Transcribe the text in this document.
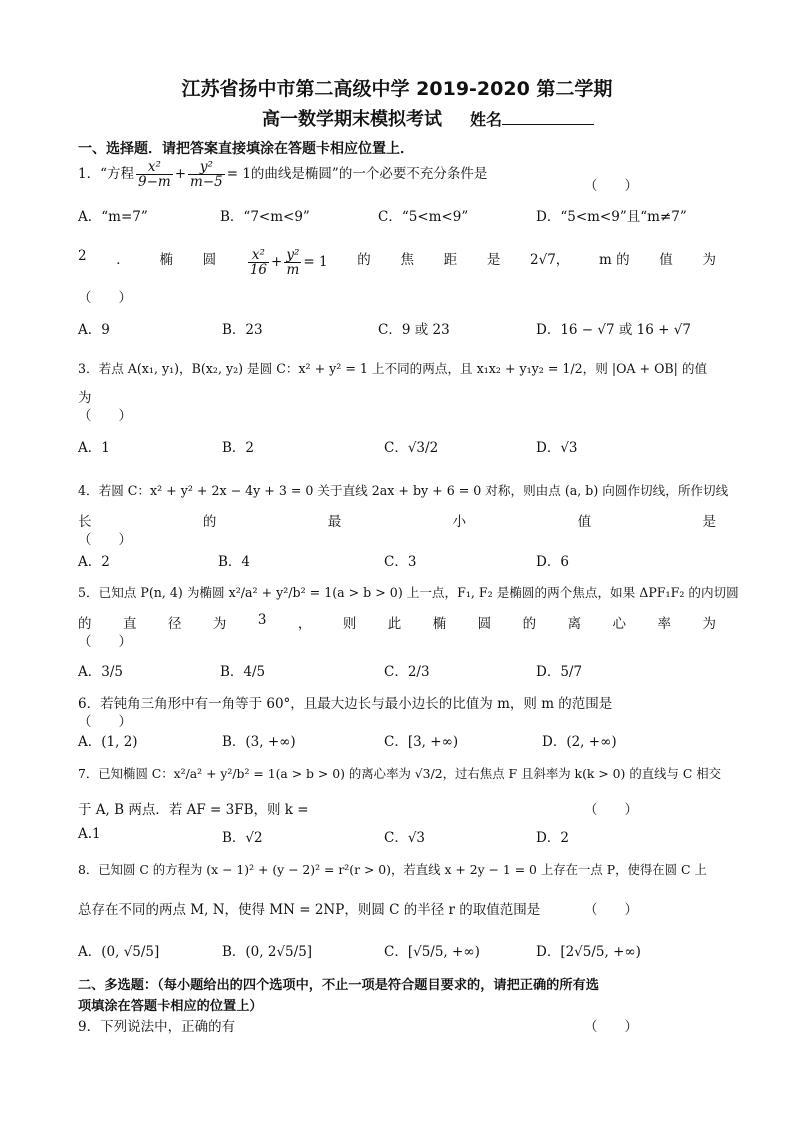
江苏省扬中市第二高级中学 2019-2020 第二学期
高一数学期末模拟考试 姓名
一、选择题．请把答案直接填涂在答题卡相应位置上．
1．“方程 $\frac{\text{x²}}{9-m} + \frac{\text{y²}}{m-5} = 1$的曲线是椭圆”的一个必要不充分条件是
（　　）
A．“m=7”	B．“7<m<9”	C．“5<m<9”	D．“5<m<9”且“m≠7”
2 ． 椭 圆 $\frac{\text{x²}}{16} + \frac{\text{y²}}{m} = 1$ 的 焦 距 是 2√7， m 的 值 为
（　　）
A．9	B．23	C．9 或 23	D．16 − √7 或 16 + √7
3．若点 A(x₁, y₁)，B(x₂, y₂) 是圆 C：x² + y² = 1 上不同的两点，且 x₁x₂ + y₁y₂ = 1/2，则 |OA + OB| 的值
为
（　　）
A．1	B．2	C．√3/2	D．√3
4．若圆 C：x² + y² + 2x − 4y + 3 = 0 关于直线 2ax + by + 6 = 0 对称，则由点 (a, b) 向圆作切线，所作切线
长	的	最	小	值	是
（　　）
A．2	B．4	C．3	D．6
5．已知点 P(n, 4) 为椭圆 x²/a² + y²/b² = 1(a > b > 0) 上一点，F₁, F₂ 是椭圆的两个焦点，如果 ΔPF₁F₂ 的内切圆
的 直 径 为 3 ， 则 此 椭 圆 的 离 心 率 为
（　　）
A．3/5	B．4/5	C．2/3	D．5/7
6．若钝角三角形中有一角等于 60°，且最大边长与最小边长的比值为 m，则 m 的范围是
（　　）
A．(1, 2)	B．(3, +∞)	C．[3, +∞)	D．(2, +∞)
7．已知椭圆 C：x²/a² + y²/b² = 1(a > b > 0) 的离心率为 √3/2，过右焦点 F 且斜率为 k(k > 0) 的直线与 C 相交
于 A, B 两点．若 AF = 3FB，则 k =	（　　）
A.1	B．√2	C．√3	D．2
8．已知圆 C 的方程为 (x − 1)² + (y − 2)² = r²(r > 0)，若直线 x + 2y − 1 = 0 上存在一点 P，使得在圆 C 上
总存在不同的两点 M, N，使得 MN = 2NP，则圆 C 的半径 r 的取值范围是	（　　）
A．(0, √5/5]	B．(0, 2√5/5]	C．[√5/5, +∞)	D．[2√5/5, +∞)
二、多选题：（每小题给出的四个选项中，不止一项是符合题目要求的，请把正确的所有选
项填涂在答题卡相应的位置上）
9．下列说法中，正确的有	（　　）
